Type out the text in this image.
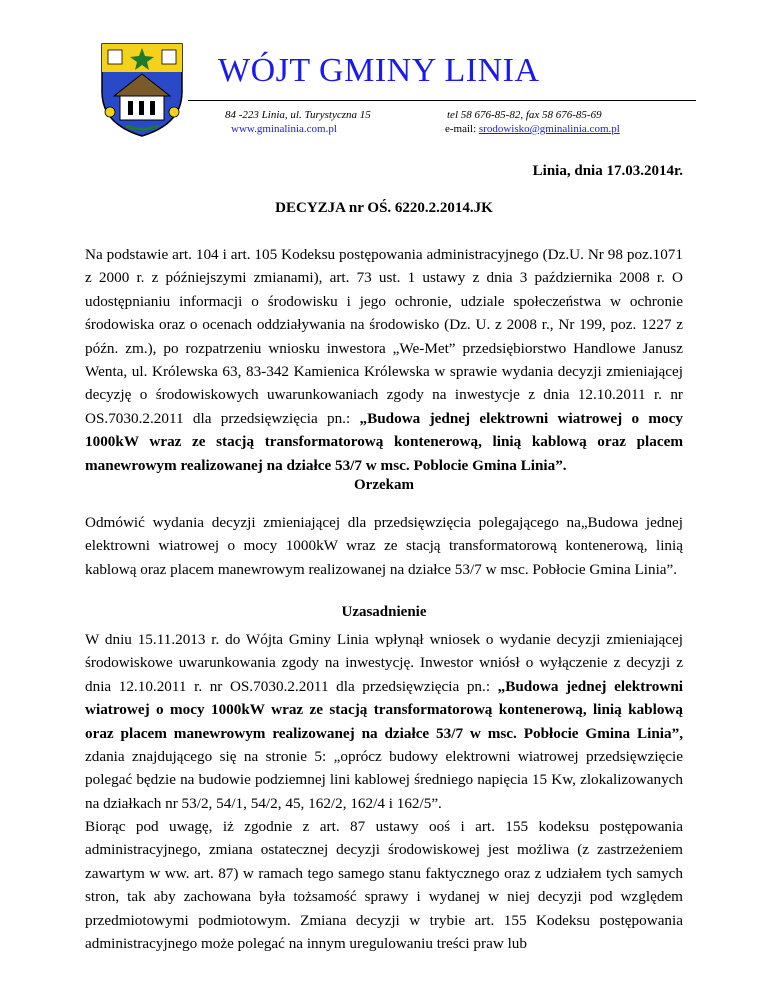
WÓJT GMINY LINIA
84 -223 Linia, ul. Turystyczna 15
www.gminalinia.com.pl
tel 58 676-85-82, fax 58 676-85-69
e-mail: srodowisko@gminalinia.com.pl
Linia, dnia 17.03.2014r.
DECYZJA nr OŚ. 6220.2.2014.JK
Na podstawie art. 104 i art. 105 Kodeksu postępowania administracyjnego (Dz.U. Nr 98 poz.1071 z 2000 r. z późniejszymi zmianami), art. 73 ust. 1 ustawy z dnia 3 października 2008 r. O udostępnianiu informacji o środowisku i jego ochronie, udziale społeczeństwa w ochronie środowiska oraz o ocenach oddziaływania na środowisko (Dz. U. z 2008 r., Nr 199, poz. 1227 z późn. zm.), po rozpatrzeniu wniosku inwestora „We-Met” przedsiębiorstwo Handlowe Janusz Wenta, ul. Królewska 63, 83-342 Kamienica Królewska w sprawie wydania decyzji zmieniającej decyzję o środowiskowych uwarunkowaniach zgody na inwestycje z dnia 12.10.2011 r. nr OS.7030.2.2011 dla przedsięwzięcia pn.: „Budowa jednej elektrowni wiatrowej o mocy 1000kW wraz ze stacją transformatorową kontenerową, linią kablową oraz placem manewrowym realizowanej na działce 53/7 w msc. Poblocie Gmina Linia”.
Orzekam
Odmówić wydania decyzji zmieniającej dla przedsięwzięcia polegającego na„Budowa jednej elektrowni wiatrowej o mocy 1000kW wraz ze stacją transformatorową kontenerową, linią kablową oraz placem manewrowym realizowanej na działce 53/7 w msc. Pobłocie Gmina Linia”.
Uzasadnienie
W dniu 15.11.2013 r. do Wójta Gminy Linia wpłynął wniosek o wydanie decyzji zmieniającej środowiskowe uwarunkowania zgody na inwestycję. Inwestor wniósł o wyłączenie z decyzji z dnia 12.10.2011 r. nr OS.7030.2.2011 dla przedsięwzięcia pn.: „Budowa jednej elektrowni wiatrowej o mocy 1000kW wraz ze stacją transformatorową kontenerową, linią kablową oraz placem manewrowym realizowanej na działce 53/7 w msc. Pobłocie Gmina Linia”, zdania znajdującego się na stronie 5: „oprócz budowy elektrowni wiatrowej przedsięwzięcie polegać będzie na budowie podziemnej lini kablowej średniego napięcia 15 Kw, zlokalizowanych na działkach nr 53/2, 54/1, 54/2, 45, 162/2, 162/4 i 162/5”.
Biorąc pod uwagę, iż zgodnie z art. 87 ustawy ooś i art. 155 kodeksu postępowania administracyjnego, zmiana ostatecznej decyzji środowiskowej jest możliwa (z zastrzeżeniem zawartym w ww. art. 87) w ramach tego samego stanu faktycznego oraz z udziałem tych samych stron, tak aby zachowana była tożsamość sprawy i wydanej w niej decyzji pod względem przedmiotowymi podmiotowym. Zmiana decyzji w trybie art. 155 Kodeksu postępowania administracyjnego może polegać na innym uregulowaniu treści praw lub
